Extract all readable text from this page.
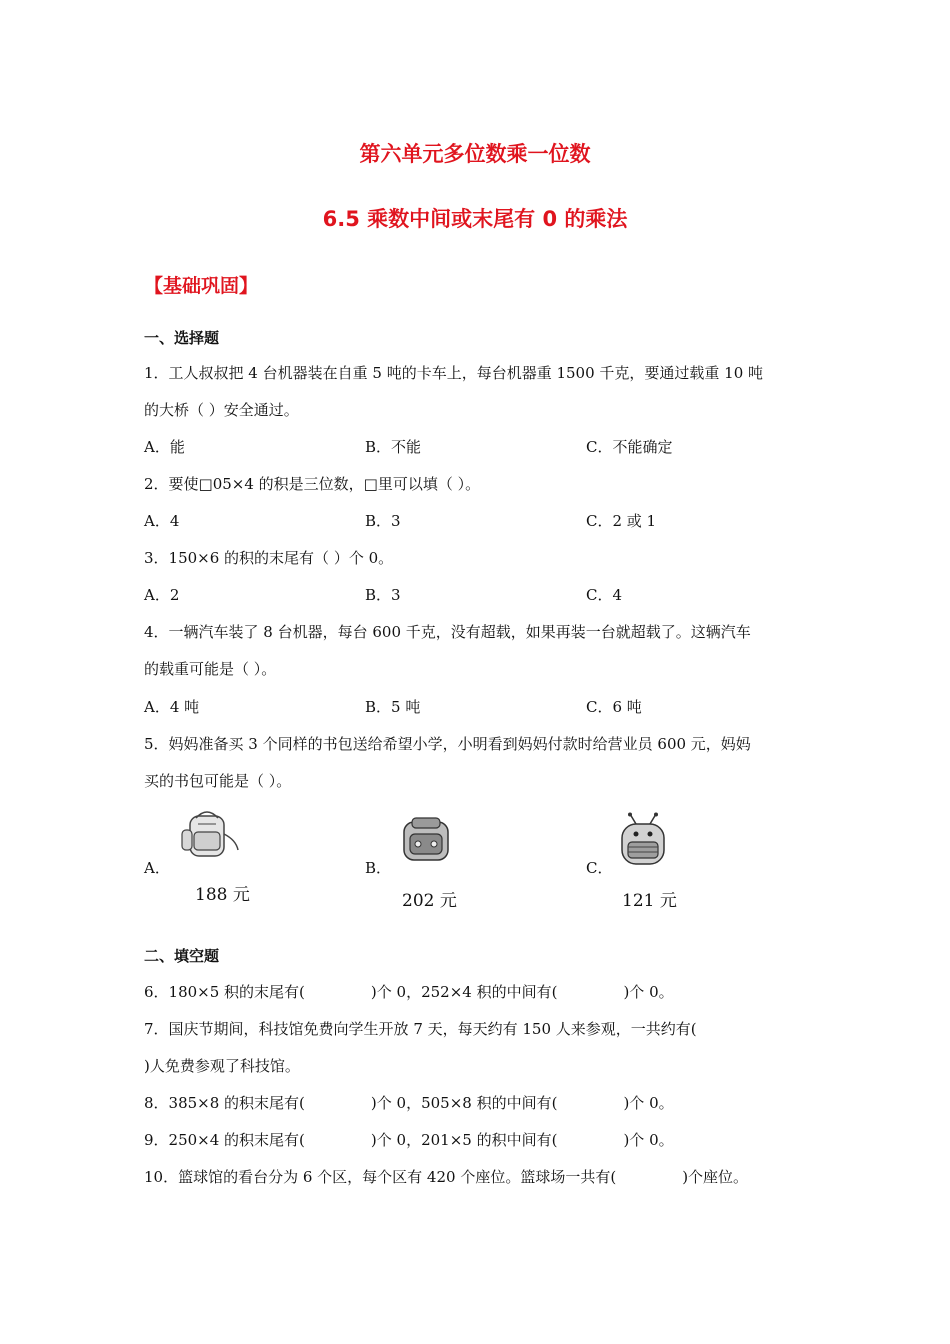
第六单元多位数乘一位数
6.5 乘数中间或末尾有 0 的乘法
【基础巩固】
一、选择题
1．工人叔叔把 4 台机器装在自重 5 吨的卡车上，每台机器重 1500 千克，要通过载重 10 吨
的大桥（ ）安全通过。
A．能	B．不能	C．不能确定
2．要使□05×4 的积是三位数，□里可以填（ ）。
A．4	B．3	C．2 或 1
3．150×6 的积的末尾有（ ）个 0。
A．2	B．3	C．4
4．一辆汽车装了 8 台机器，每台 600 千克，没有超载，如果再装一台就超载了。这辆汽车
的载重可能是（ ）。
A．4 吨	B．5 吨	C．6 吨
5．妈妈准备买 3 个同样的书包送给希望小学，小明看到妈妈付款时给营业员 600 元，妈妈
买的书包可能是（ ）。
A．	B．	C．
188 元	202 元	121 元
二、填空题
6．180×5 积的末尾有(	)个 0，252×4 积的中间有(	)个 0。
7．国庆节期间，科技馆免费向学生开放 7 天，每天约有 150 人来参观，一共约有(
)人免费参观了科技馆。
8．385×8 的积末尾有(	)个 0，505×8 积的中间有(	)个 0。
9．250×4 的积末尾有(	)个 0，201×5 的积中间有(	)个 0。
10．篮球馆的看台分为 6 个区，每个区有 420 个座位。篮球场一共有(	)个座位。
